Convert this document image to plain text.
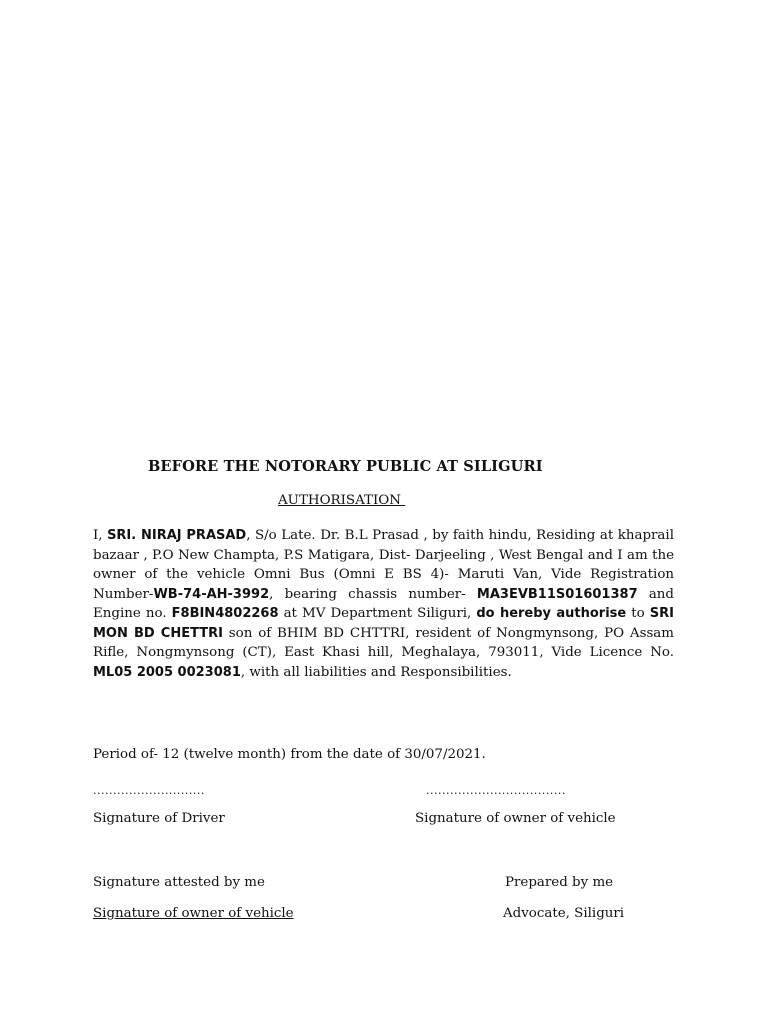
BEFORE THE NOTORARY PUBLIC AT SILIGURI
AUTHORISATION
I, SRI. NIRAJ PRASAD, S/o Late. Dr. B.L Prasad , by faith hindu, Residing at khaprail bazaar , P.O New Champta, P.S Matigara, Dist- Darjeeling , West Bengal and I am the owner of the vehicle Omni Bus (Omni E BS 4)- Maruti Van, Vide Registration Number-WB-74-AH-3992, bearing chassis number- MA3EVB11S01601387 and Engine no. F8BIN4802268 at MV Department Siliguri, do hereby authorise to SRI MON BD CHETTRI son of BHIM BD CHTTRI, resident of Nongmynsong, PO Assam Rifle, Nongmynsong (CT), East Khasi hill, Meghalaya, 793011, Vide Licence No. ML05 2005 0023081, with all liabilities and Responsibilities.
Period of- 12 (twelve month) from the date of 30/07/2021.
............................	...................................
Signature of Driver	Signature of owner of vehicle
Signature attested by me	Prepared by me
Signature of owner of vehicle	Advocate, Siliguri
